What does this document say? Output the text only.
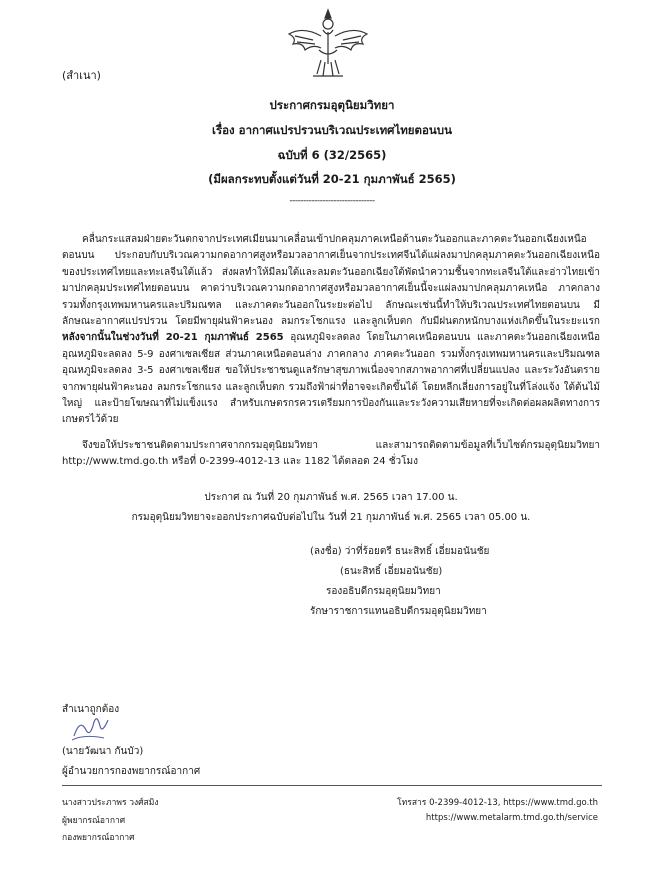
(สำเนา)
ประกาศกรมอุตุนิยมวิทยา
เรื่อง อากาศแปรปรวนบริเวณประเทศไทยตอนบน
ฉบับที่ 6 (32/2565)
(มีผลกระทบตั้งแต่วันที่ 20-21 กุมภาพันธ์ 2565)
-------------------------------
คลื่นกระแสลมฝ่ายตะวันตกจากประเทศเมียนมาเคลื่อนเข้าปกคลุมภาคเหนือด้านตะวันออกและภาคตะวันออกเฉียงเหนือตอนบน ประกอบกับบริเวณความกดอากาศสูงหรือมวลอากาศเย็นจากประเทศจีนได้แผ่ลงมาปกคลุมภาคตะวันออกเฉียงเหนือของประเทศไทยและทะเลจีนใต้แล้ว ส่งผลทำให้มีลมใต้และลมตะวันออกเฉียงใต้พัดนำความชื้นจากทะเลจีนใต้และอ่าวไทยเข้ามาปกคลุมประเทศไทยตอนบน คาดว่าบริเวณความกดอากาศสูงหรือมวลอากาศเย็นนี้จะแผ่ลงมาปกคลุมภาคเหนือ ภาคกลาง รวมทั้งกรุงเทพมหานครและปริมณฑล และภาคตะวันออกในระยะต่อไป ลักษณะเช่นนี้ทำให้บริเวณประเทศไทยตอนบน มีลักษณะอากาศแปรปรวน โดยมีพายุฝนฟ้าคะนอง ลมกระโชกแรง และลูกเห็บตก กับมีฝนตกหนักบางแห่งเกิดขึ้นในระยะแรก หลังจากนั้นในช่วงวันที่ 20-21 กุมภาพันธ์ 2565 อุณหภูมิจะลดลง โดยในภาคเหนือตอนบน และภาคตะวันออกเฉียงเหนือ อุณหภูมิจะลดลง 5-9 องศาเซลเซียส ส่วนภาคเหนือตอนล่าง ภาคกลาง ภาคตะวันออก รวมทั้งกรุงเทพมหานครและปริมณฑล อุณหภูมิจะลดลง 3-5 องศาเซลเซียส ขอให้ประชาชนดูแลรักษาสุขภาพเนื่องจากสภาพอากาศที่เปลี่ยนแปลง และระวังอันตรายจากพายุฝนฟ้าคะนอง ลมกระโชกแรง และลูกเห็บตก รวมถึงฟ้าผ่าที่อาจจะเกิดขึ้นได้ โดยหลีกเลี่ยงการอยู่ในที่โล่งแจ้ง ใต้ต้นไม้ใหญ่ และป้ายโฆษณาที่ไม่แข็งแรง สำหรับเกษตรกรควรเตรียมการป้องกันและระวังความเสียหายที่จะเกิดต่อผลผลิตทางการเกษตรไว้ด้วย
จึงขอให้ประชาชนติดตามประกาศจากกรมอุตุนิยมวิทยา และสามารถติดตามข้อมูลที่เว็บไซต์กรมอุตุนิยมวิทยา http://www.tmd.go.th หรือที่ 0-2399-4012-13 และ 1182 ได้ตลอด 24 ชั่วโมง
ประกาศ ณ วันที่ 20 กุมภาพันธ์ พ.ศ. 2565 เวลา 17.00 น.
กรมอุตุนิยมวิทยาจะออกประกาศฉบับต่อไปใน วันที่ 21 กุมภาพันธ์ พ.ศ. 2565 เวลา 05.00 น.
(ลงชื่อ) ว่าที่ร้อยตรี ธนะสิทธิ์ เอี่ยมอนันชัย
(ธนะสิทธิ์ เอี่ยมอนันชัย)
รองอธิบดีกรมอุตุนิยมวิทยา
รักษาราชการแทนอธิบดีกรมอุตุนิยมวิทยา
สำเนาถูกต้อง
(นายวัฒนา กันบัว)
ผู้อำนวยการกองพยากรณ์อากาศ
นางสาวประภาพร วงศ์สมิง
ผู้พยากรณ์อากาศ
กองพยากรณ์อากาศ
โทรสาร 0-2399-4012-13, https://www.tmd.go.th
https://www.metalarm.tmd.go.th/service
